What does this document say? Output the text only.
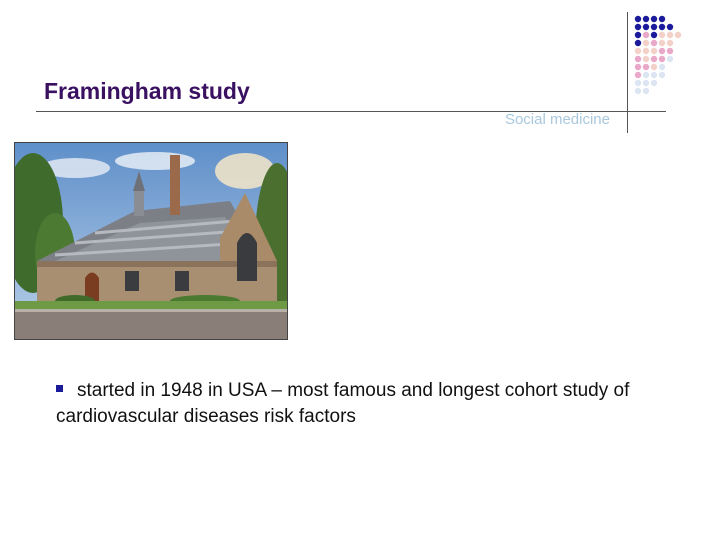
Framingham study
Social medicine
started in 1948 in USA – most famous and longest cohort study of cardiovascular diseases risk factors
